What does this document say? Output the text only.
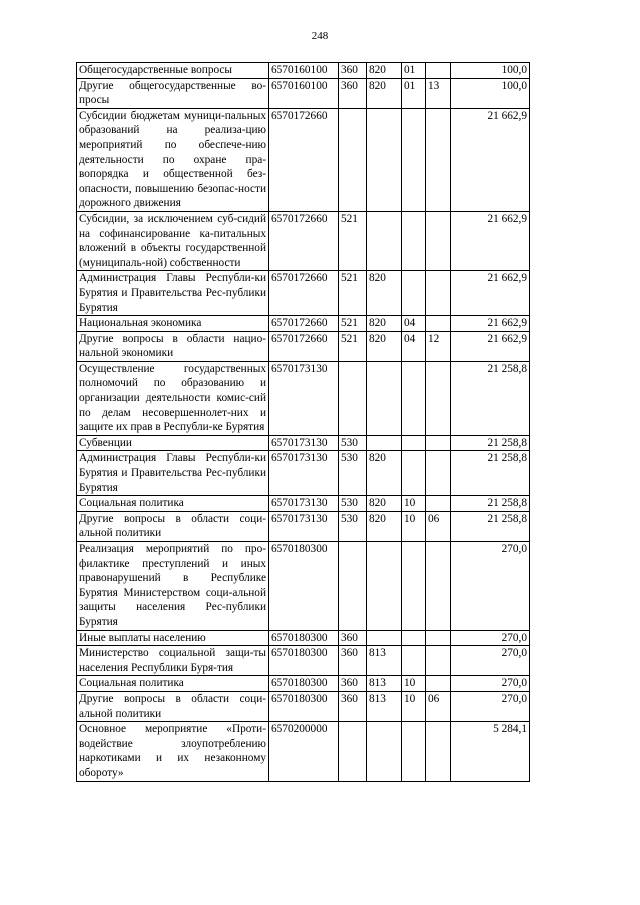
248
Общегосударственные вопросы	6570160100	360	820	01		100,0
Другие общегосударственные во-просы	6570160100	360	820	01	13	100,0
Субсидии бюджетам муници-пальных образований на реализа-цию мероприятий по обеспече-нию деятельности по охране пра-вопорядка и общественной без-опасности, повышению безопас-ности дорожного движения	6570172660					21 662,9
Субсидии, за исключением суб-сидий на софинансирование ка-питальных вложений в объекты государственной (муниципаль-ной) собственности	6570172660	521				21 662,9
Администрация Главы Республи-ки Бурятия и Правительства Рес-публики Бурятия	6570172660	521	820			21 662,9
Национальная экономика	6570172660	521	820	04		21 662,9
Другие вопросы в области нацио-нальной экономики	6570172660	521	820	04	12	21 662,9
Осуществление государственных полномочий по образованию и организации деятельности комис-сий по делам несовершеннолет-них и защите их прав в Республи-ке Бурятия	6570173130					21 258,8
Субвенции	6570173130	530				21 258,8
Администрация Главы Республи-ки Бурятия и Правительства Рес-публики Бурятия	6570173130	530	820			21 258,8
Социальная политика	6570173130	530	820	10		21 258,8
Другие вопросы в области соци-альной политики	6570173130	530	820	10	06	21 258,8
Реализация мероприятий по про-филактике преступлений и иных правонарушений в Республике Бурятия Министерством соци-альной защиты населения Рес-публики Бурятия	6570180300					270,0
Иные выплаты населению	6570180300	360				270,0
Министерство социальной защи-ты населения Республики Буря-тия	6570180300	360	813			270,0
Социальная политика	6570180300	360	813	10		270,0
Другие вопросы в области соци-альной политики	6570180300	360	813	10	06	270,0
Основное мероприятие «Проти-водействие злоупотреблению наркотиками и их незаконному обороту»	6570200000					5 284,1
